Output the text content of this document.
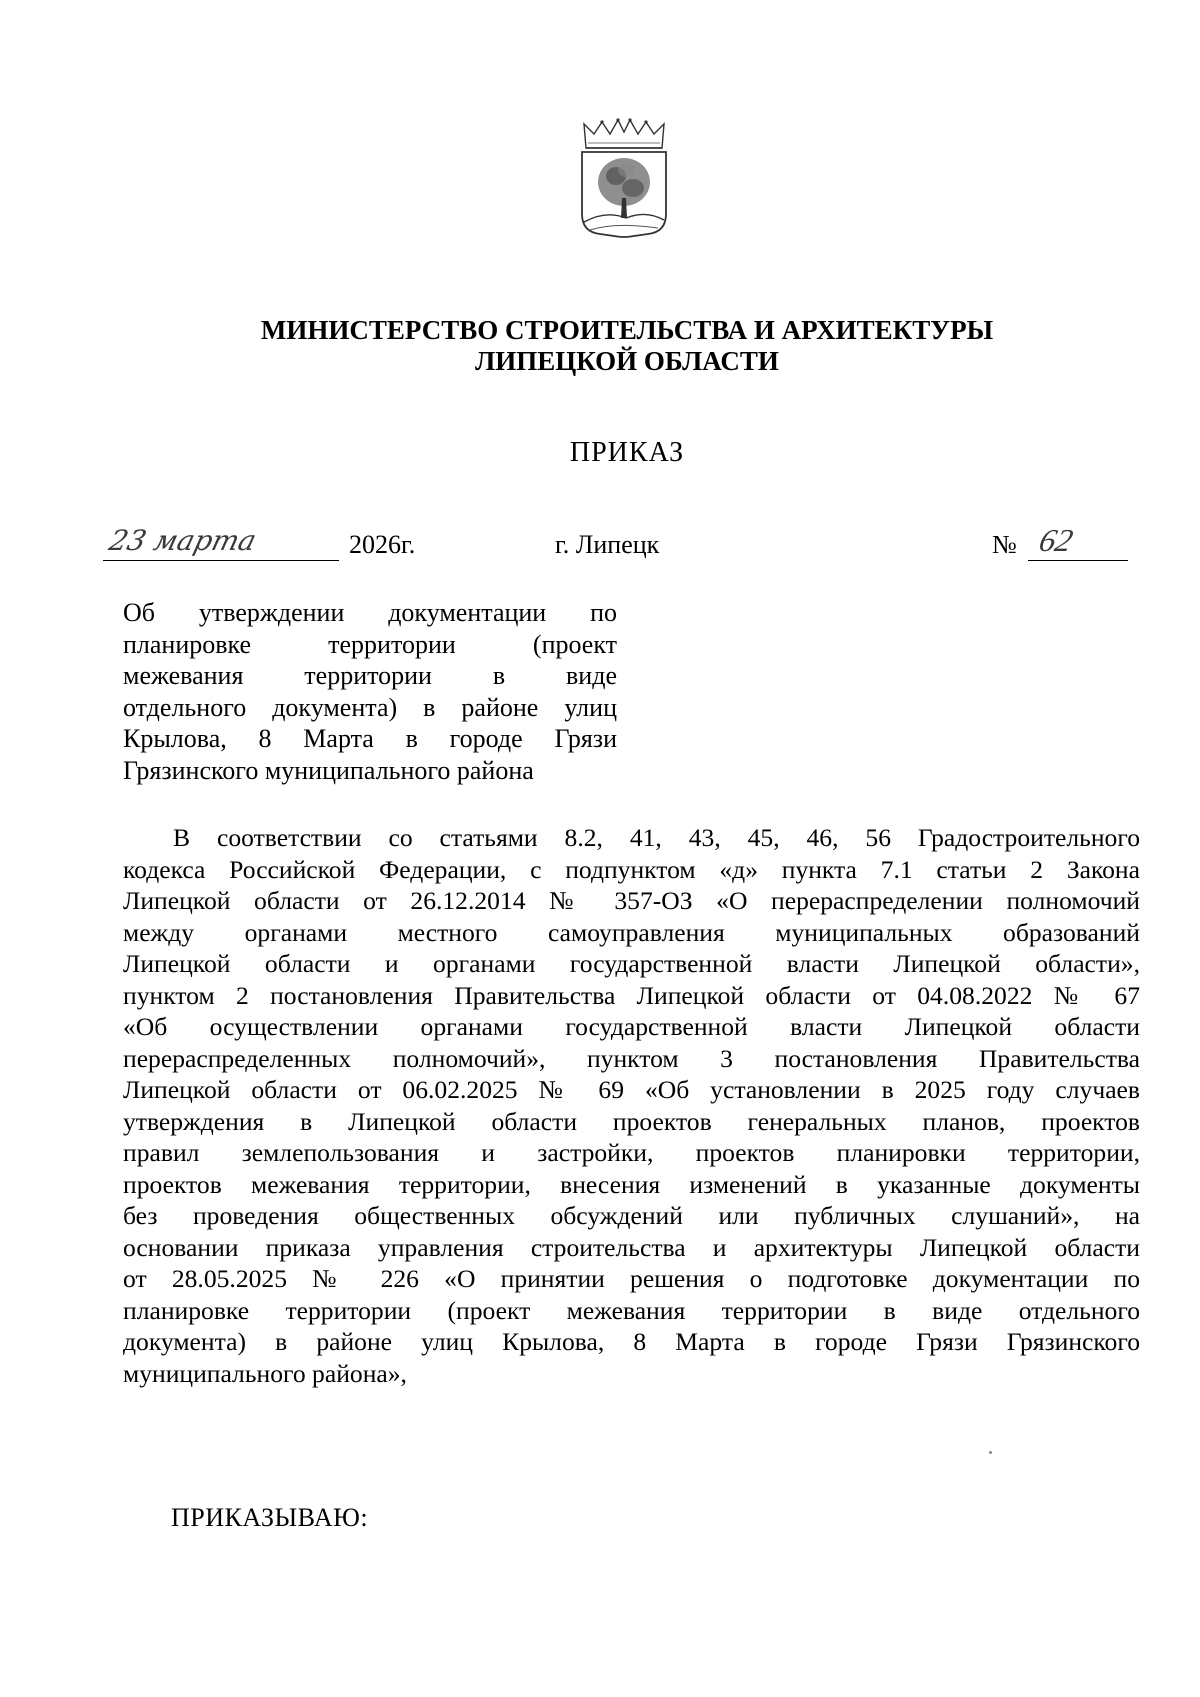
МИНИСТЕРСТВО СТРОИТЕЛЬСТВА И АРХИТЕКТУРЫ
ЛИПЕЦКОЙ ОБЛАСТИ
ПРИКАЗ
23 марта	2026г.	г. Липецк	№ 62
Об утверждении документации по
планировке территории (проект
межевания территории в виде
отдельного документа) в районе улиц
Крылова, 8 Марта в городе Грязи
Грязинского муниципального района
В соответствии со статьями 8.2, 41, 43, 45, 46, 56 Градостроительного
кодекса Российской Федерации, с подпунктом «д» пункта 7.1 статьи 2 Закона
Липецкой области от 26.12.2014 № 357-ОЗ «О перераспределении полномочий
между органами местного самоуправления муниципальных образований
Липецкой области и органами государственной власти Липецкой области»,
пунктом 2 постановления Правительства Липецкой области от 04.08.2022 № 67
«Об осуществлении органами государственной власти Липецкой области
перераспределенных полномочий», пунктом 3 постановления Правительства
Липецкой области от 06.02.2025 № 69 «Об установлении в 2025 году случаев
утверждения в Липецкой области проектов генеральных планов, проектов
правил землепользования и застройки, проектов планировки территории,
проектов межевания территории, внесения изменений в указанные документы
без проведения общественных обсуждений или публичных слушаний», на
основании приказа управления строительства и архитектуры Липецкой области
от 28.05.2025 № 226 «О принятии решения о подготовке документации по
планировке территории (проект межевания территории в виде отдельного
документа) в районе улиц Крылова, 8 Марта в городе Грязи Грязинского
муниципального района»,
ПРИКАЗЫВАЮ:
